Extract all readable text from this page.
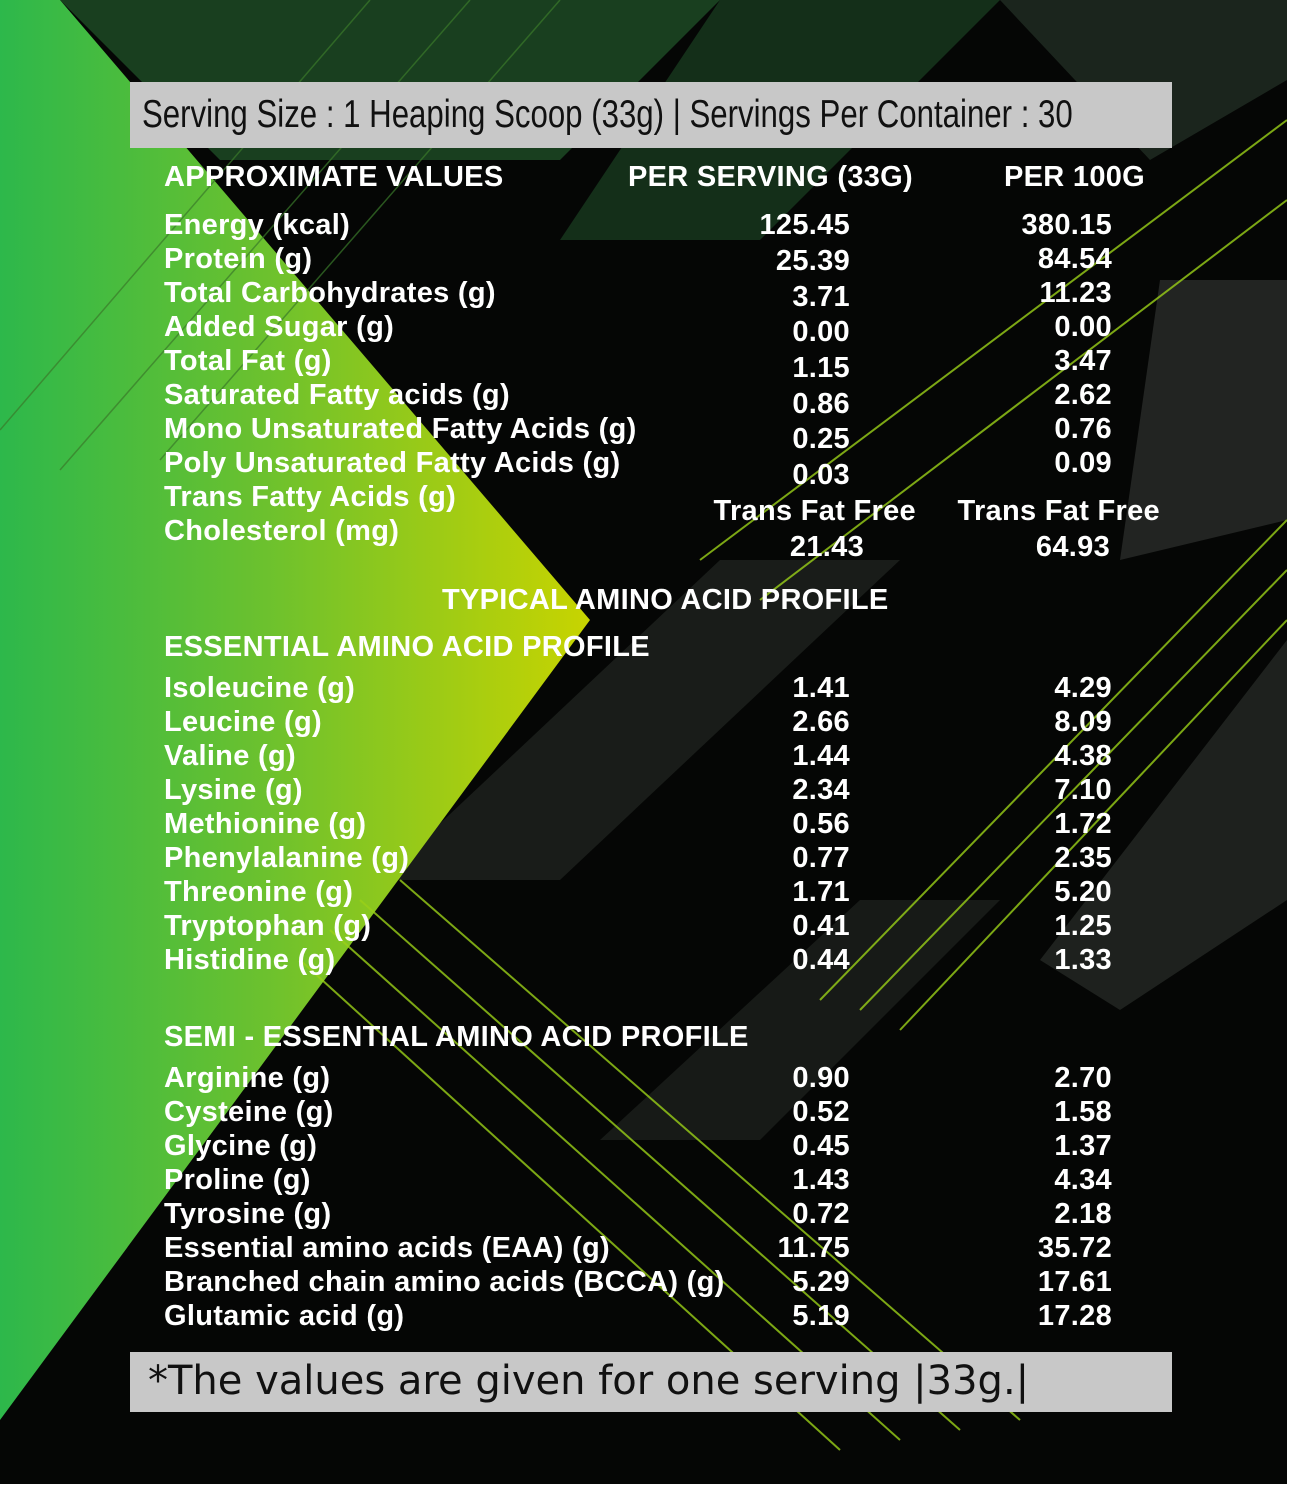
Serving Size : 1 Heaping Scoop (33g) | Servings Per Container : 30
APPROXIMATE VALUES	PER SERVING (33G)	PER 100G
Energy (kcal)	125.45	380.15
Protein (g)	25.39	84.54
Total Carbohydrates (g)	3.71	11.23
Added Sugar (g)	0.00	0.00
Total Fat (g)	1.15	3.47
Saturated Fatty acids (g)	0.86	2.62
Mono Unsaturated Fatty Acids (g)	0.25	0.76
Poly Unsaturated Fatty Acids (g)	0.03	0.09
Trans Fatty Acids (g)	Trans Fat Free	Trans Fat Free
Cholesterol (mg)	21.43	64.93
TYPICAL AMINO ACID PROFILE
ESSENTIAL AMINO ACID PROFILE
Isoleucine (g)	1.41	4.29
Leucine (g)	2.66	8.09
Valine (g)	1.44	4.38
Lysine (g)	2.34	7.10
Methionine (g)	0.56	1.72
Phenylalanine (g)	0.77	2.35
Threonine (g)	1.71	5.20
Tryptophan (g)	0.41	1.25
Histidine (g)	0.44	1.33
SEMI - ESSENTIAL AMINO ACID PROFILE
Arginine (g)	0.90	2.70
Cysteine (g)	0.52	1.58
Glycine (g)	0.45	1.37
Proline (g)	1.43	4.34
Tyrosine (g)	0.72	2.18
Essential amino acids (EAA) (g)	11.75	35.72
Branched chain amino acids (BCCA) (g)	5.29	17.61
Glutamic acid (g)	5.19	17.28
*The values are given for one serving |33g.|
